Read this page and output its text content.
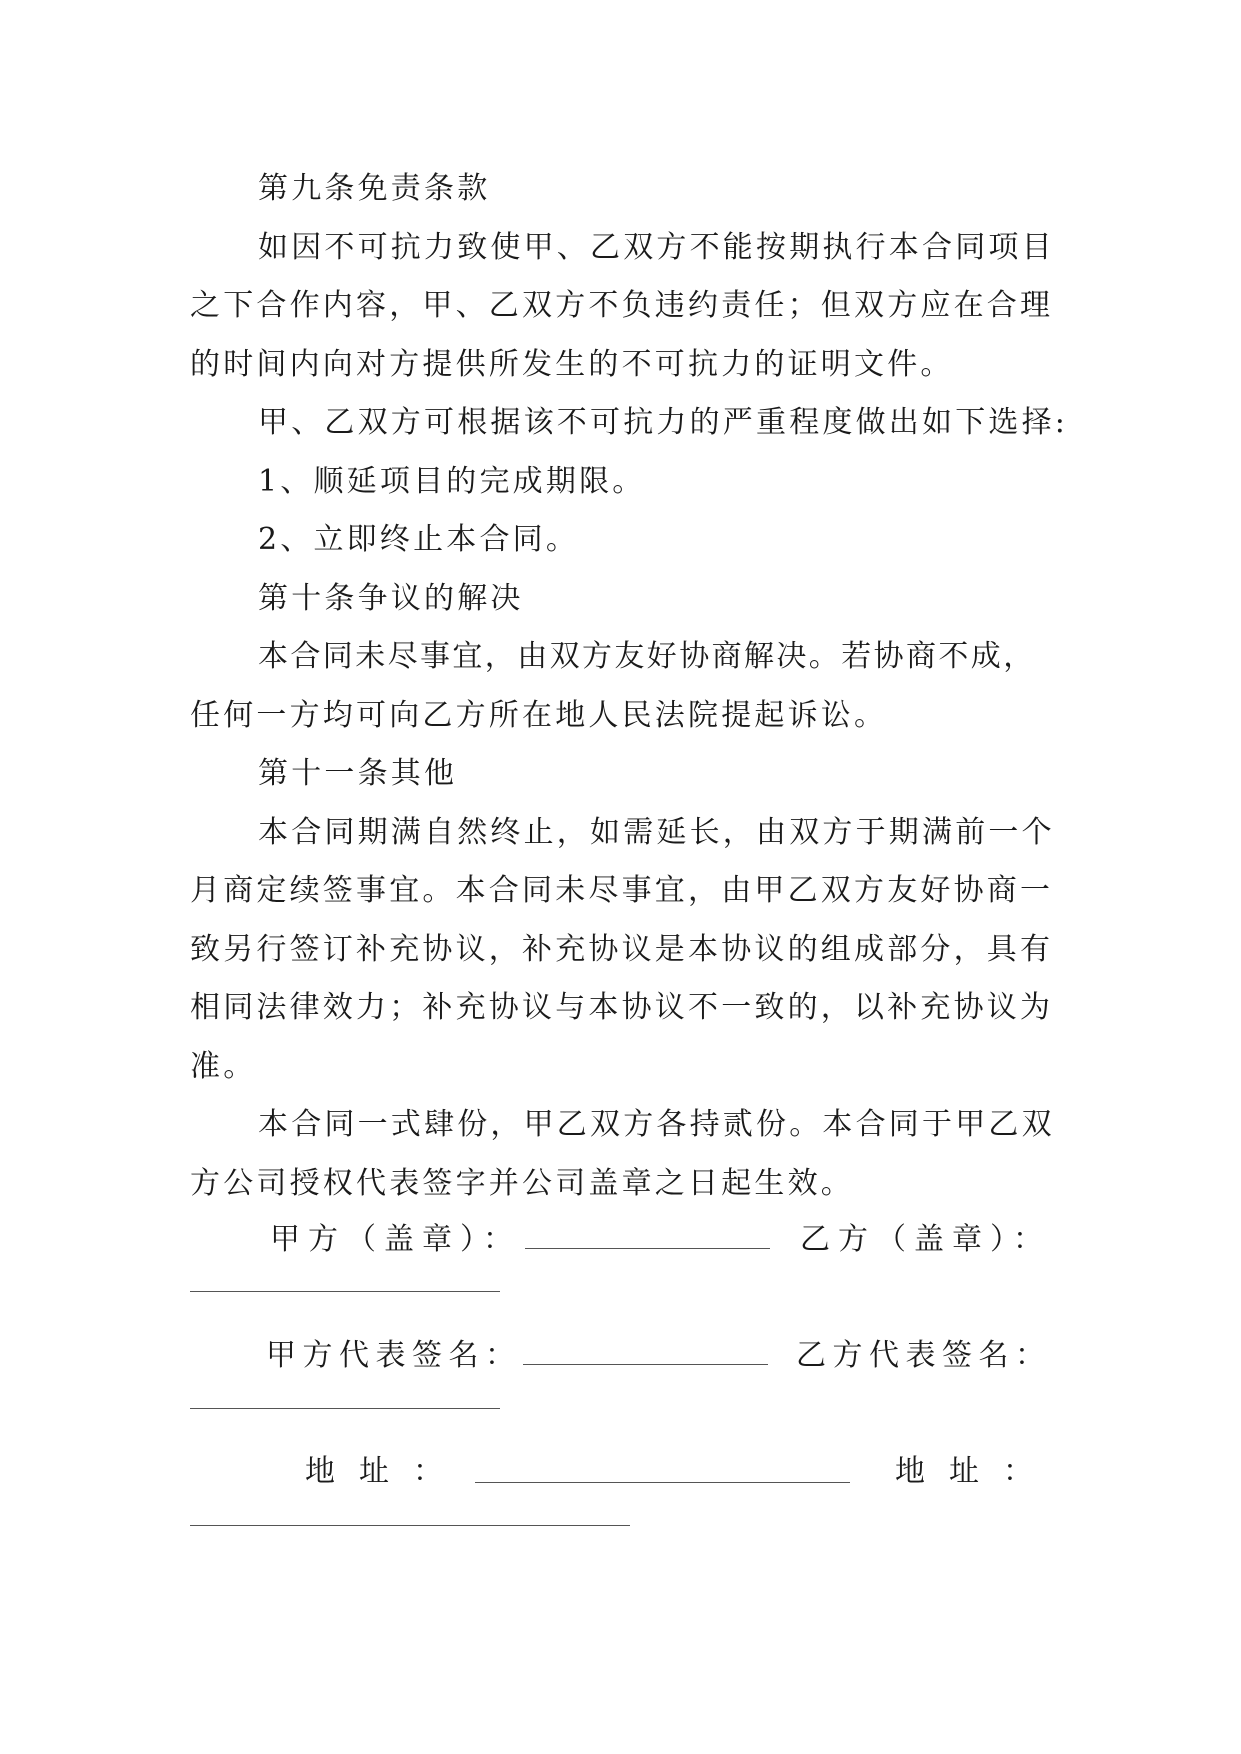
第九条免责条款
如因不可抗力致使甲、乙双方不能按期执行本合同项目
之下合作内容，甲、乙双方不负违约责任；但双方应在合理
的时间内向对方提供所发生的不可抗力的证明文件。
甲、乙双方可根据该不可抗力的严重程度做出如下选择:
1、顺延项目的完成期限。
2、立即终止本合同。
第十条争议的解决
本合同未尽事宜，由双方友好协商解决。若协商不成，
任何一方均可向乙方所在地人民法院提起诉讼。
第十一条其他
本合同期满自然终止，如需延长，由双方于期满前一个
月商定续签事宜。本合同未尽事宜，由甲乙双方友好协商一
致另行签订补充协议，补充协议是本协议的组成部分，具有
相同法律效力；补充协议与本协议不一致的，以补充协议为
准。
本合同一式肆份，甲乙双方各持贰份。本合同于甲乙双
方公司授权代表签字并公司盖章之日起生效。
甲方（盖章）：	乙方（盖章）：
甲方代表签名：	乙方代表签名：
地址：	地址：
